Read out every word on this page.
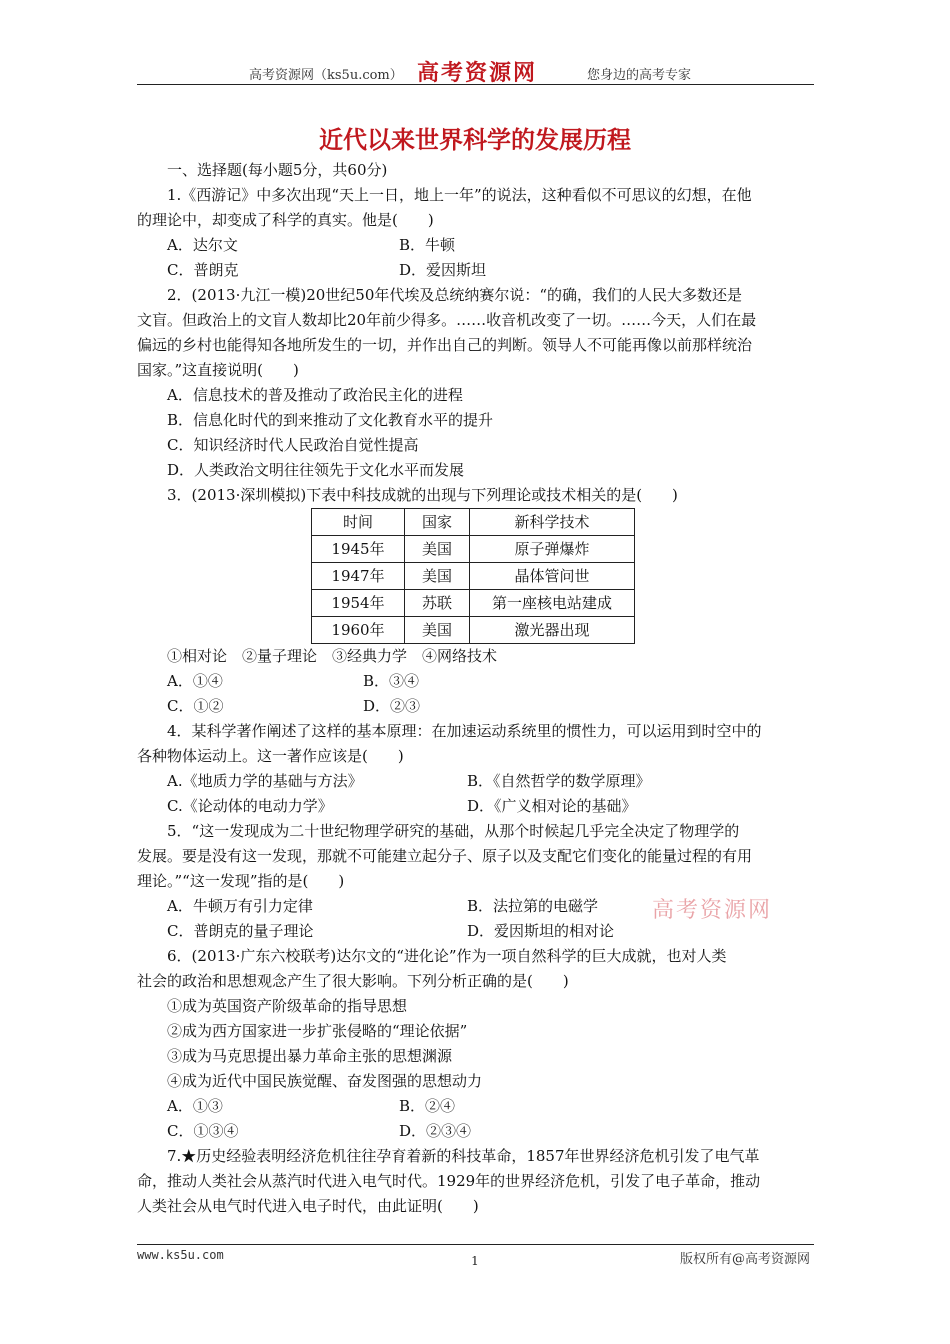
高考资源网（ks5u.com） 高考资源网	您身边的高考专家
近代以来世界科学的发展历程

一、选择题(每小题5分，共60分)

1.《西游记》中多次出现“天上一日，地上一年”的说法，这种看似不可思议的幻想，在他

的理论中，却变成了科学的真实。他是(　　)

A．达尔文	B．牛顿
C．普朗克	D．爱因斯坦

2．(2013·九江一模)20世纪50年代埃及总统纳赛尔说：“的确，我们的人民大多数还是

文盲。但政治上的文盲人数却比20年前少得多。……收音机改变了一切。……今天，人们在最

偏远的乡村也能得知各地所发生的一切，并作出自己的判断。领导人不可能再像以前那样统治

国家。”这直接说明(　　)

A．信息技术的普及推动了政治民主化的进程

B．信息化时代的到来推动了文化教育水平的提升

C．知识经济时代人民政治自觉性提高

D．人类政治文明往往领先于文化水平而发展

3．(2013·深圳模拟)下表中科技成就的出现与下列理论或技术相关的是(　　)

时间	国家	新科学技术
1945年	美国	原子弹爆炸
1947年	美国	晶体管问世
1954年	苏联	第一座核电站建成
1960年	美国	激光器出现

①相对论　②量子理论　③经典力学　④网络技术

A．①④	B．③④
C．①②	D．②③

4．某科学著作阐述了这样的基本原理：在加速运动系统里的惯性力，可以运用到时空中的

各种物体运动上。这一著作应该是(　　)

A.《地质力学的基础与方法》	B．《自然哲学的数学原理》
C.《论动体的电动力学》	D．《广义相对论的基础》

5．“这一发现成为二十世纪物理学研究的基础，从那个时候起几乎完全决定了物理学的

发展。要是没有这一发现，那就不可能建立起分子、原子以及支配它们变化的能量过程的有用

理论。”“这一发现”指的是(　　)

A．牛顿万有引力定律	B．法拉第的电磁学
C．普朗克的量子理论	D．爱因斯坦的相对论

6．(2013·广东六校联考)达尔文的“进化论”作为一项自然科学的巨大成就，也对人类

社会的政治和思想观念产生了很大影响。下列分析正确的是(　　)

①成为英国资产阶级革命的指导思想

②成为西方国家进一步扩张侵略的“理论依据”

③成为马克思提出暴力革命主张的思想渊源

④成为近代中国民族觉醒、奋发图强的思想动力

A．①③	B．②④
C．①③④	D．②③④

7.★历史经验表明经济危机往往孕育着新的科技革命，1857年世界经济危机引发了电气革

命，推动人类社会从蒸汽时代进入电气时代。1929年的世界经济危机，引发了电子革命，推动

人类社会从电气时代进入电子时代，由此证明(　　)

高考资源网
www.ks5u.com	版权所有@高考资源网
1
